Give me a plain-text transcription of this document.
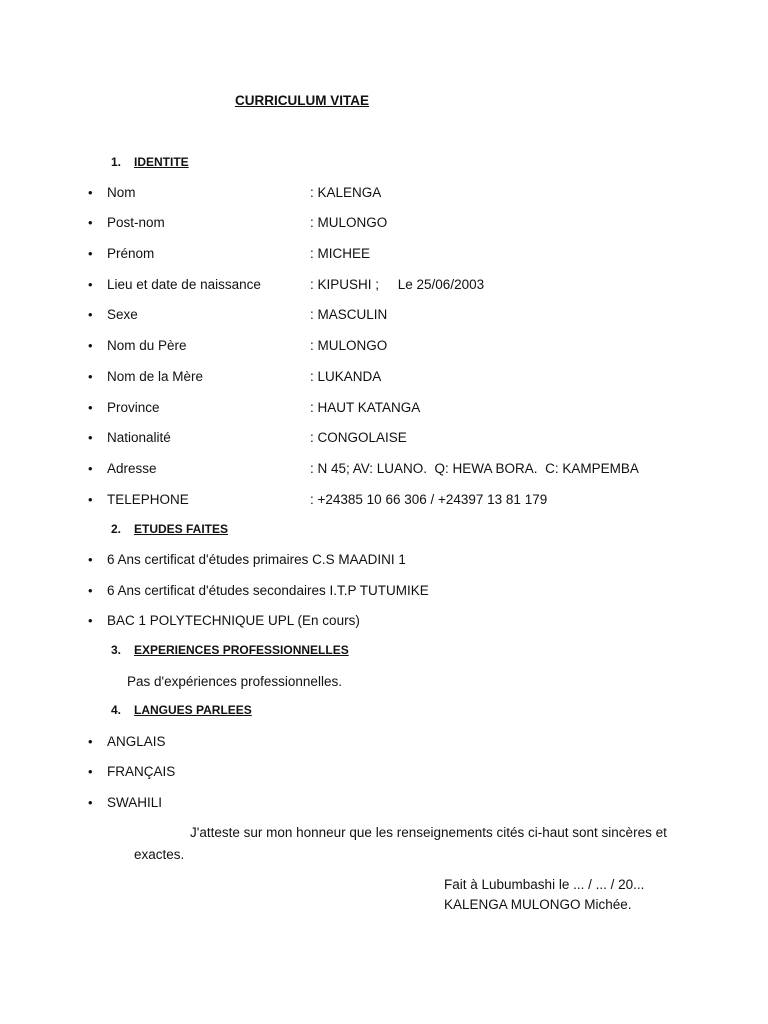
CURRICULUM VITAE
1. IDENTITE
• Nom	: KALENGA
• Post-nom	: MULONGO
• Prénom	: MICHEE
• Lieu et date de naissance	: KIPUSHI ;     Le 25/06/2003
• Sexe	: MASCULIN
• Nom du Père	: MULONGO
• Nom de la Mère	: LUKANDA
• Province	: HAUT KATANGA
• Nationalité	: CONGOLAISE
• Adresse	: N 45; AV: LUANO.  Q: HEWA BORA.  C: KAMPEMBA
• TELEPHONE	: +24385 10 66 306 / +24397 13 81 179
2. ETUDES FAITES
• 6 Ans certificat d'études primaires C.S MAADINI 1
• 6 Ans certificat d'études secondaires I.T.P TUTUMIKE
• BAC 1 POLYTECHNIQUE UPL (En cours)
3. EXPERIENCES PROFESSIONNELLES
Pas d'expériences professionnelles.
4. LANGUES PARLEES
• ANGLAIS
• FRANÇAIS
• SWAHILI
J'atteste sur mon honneur que les renseignements cités ci-haut sont sincères et
exactes.
Fait à Lubumbashi le ... / ... / 20...
KALENGA MULONGO Michée.
